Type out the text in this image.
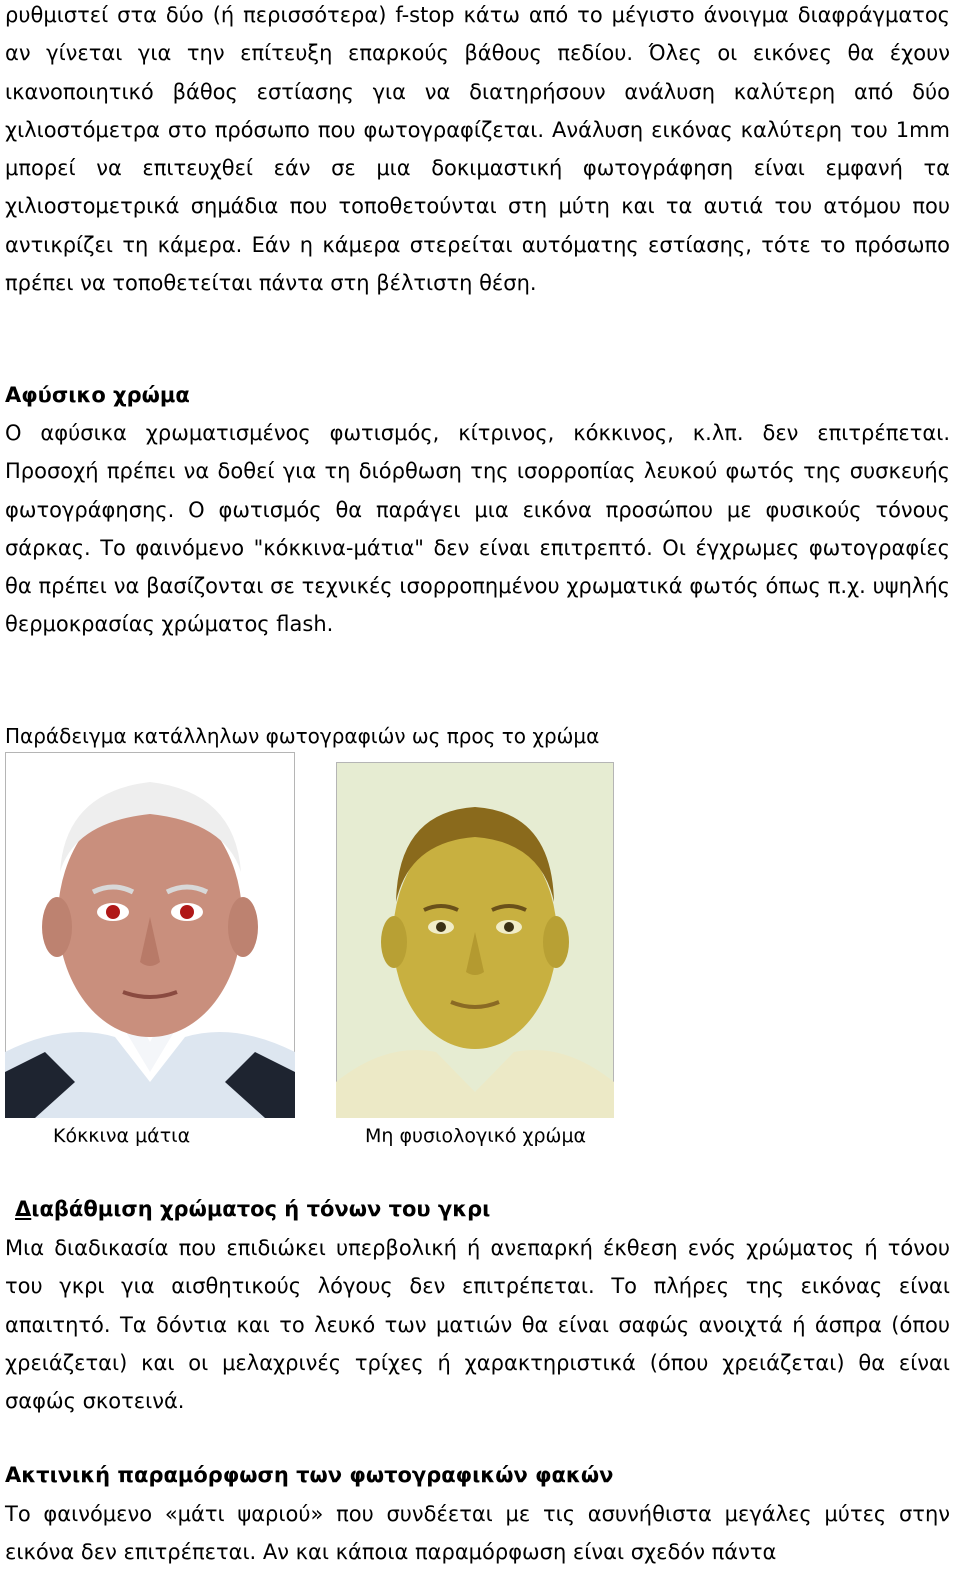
ρυθμιστεί στα δύο (ή περισσότερα) f-stop κάτω από το μέγιστο άνοιγμα διαφράγματος αν γίνεται για την επίτευξη επαρκούς βάθους πεδίου. Όλες οι εικόνες θα έχουν ικανοποιητικό βάθος εστίασης για να διατηρήσουν ανάλυση καλύτερη από δύο χιλιοστόμετρα στο πρόσωπο που φωτογραφίζεται. Ανάλυση εικόνας καλύτερη του 1mm μπορεί να επιτευχθεί εάν σε μια δοκιμαστική φωτογράφηση είναι εμφανή τα χιλιοστομετρικά σημάδια που τοποθετούνται στη μύτη και τα αυτιά του ατόμου που αντικρίζει τη κάμερα. Εάν η κάμερα στερείται αυτόματης εστίασης, τότε το πρόσωπο πρέπει να τοποθετείται πάντα στη βέλτιστη θέση.

Αφύσικο χρώμα

Ο αφύσικα χρωματισμένος φωτισμός, κίτρινος, κόκκινος, κ.λπ. δεν επιτρέπεται. Προσοχή πρέπει να δοθεί για τη διόρθωση της ισορροπίας λευκού φωτός της συσκευής φωτογράφησης. Ο φωτισμός θα παράγει μια εικόνα προσώπου με φυσικούς τόνους σάρκας. Το φαινόμενο "κόκκινα-μάτια" δεν είναι επιτρεπτό. Οι έγχρωμες φωτογραφίες θα πρέπει να βασίζονται σε τεχνικές ισορροπημένου χρωματικά φωτός όπως π.χ. υψηλής θερμοκρασίας χρώματος flash.

Παράδειγμα κατάλληλων φωτογραφιών ως προς το χρώμα

Κόκκινα μάτια	Μη φυσιολογικό χρώμα

Διαβάθμιση χρώματος ή τόνων του γκρι

Μια διαδικασία που επιδιώκει υπερβολική ή ανεπαρκή έκθεση ενός χρώματος ή τόνου του γκρι για αισθητικούς λόγους δεν επιτρέπεται. Το πλήρες της εικόνας είναι απαιτητό. Τα δόντια και το λευκό των ματιών θα είναι σαφώς ανοιχτά ή άσπρα (όπου χρειάζεται) και οι μελαχρινές τρίχες ή χαρακτηριστικά (όπου χρειάζεται) θα είναι σαφώς σκοτεινά.

Ακτινική παραμόρφωση των φωτογραφικών φακών

Το φαινόμενο «μάτι ψαριού» που συνδέεται με τις ασυνήθιστα μεγάλες μύτες στην εικόνα δεν επιτρέπεται. Αν και κάποια παραμόρφωση είναι σχεδόν πάντα
